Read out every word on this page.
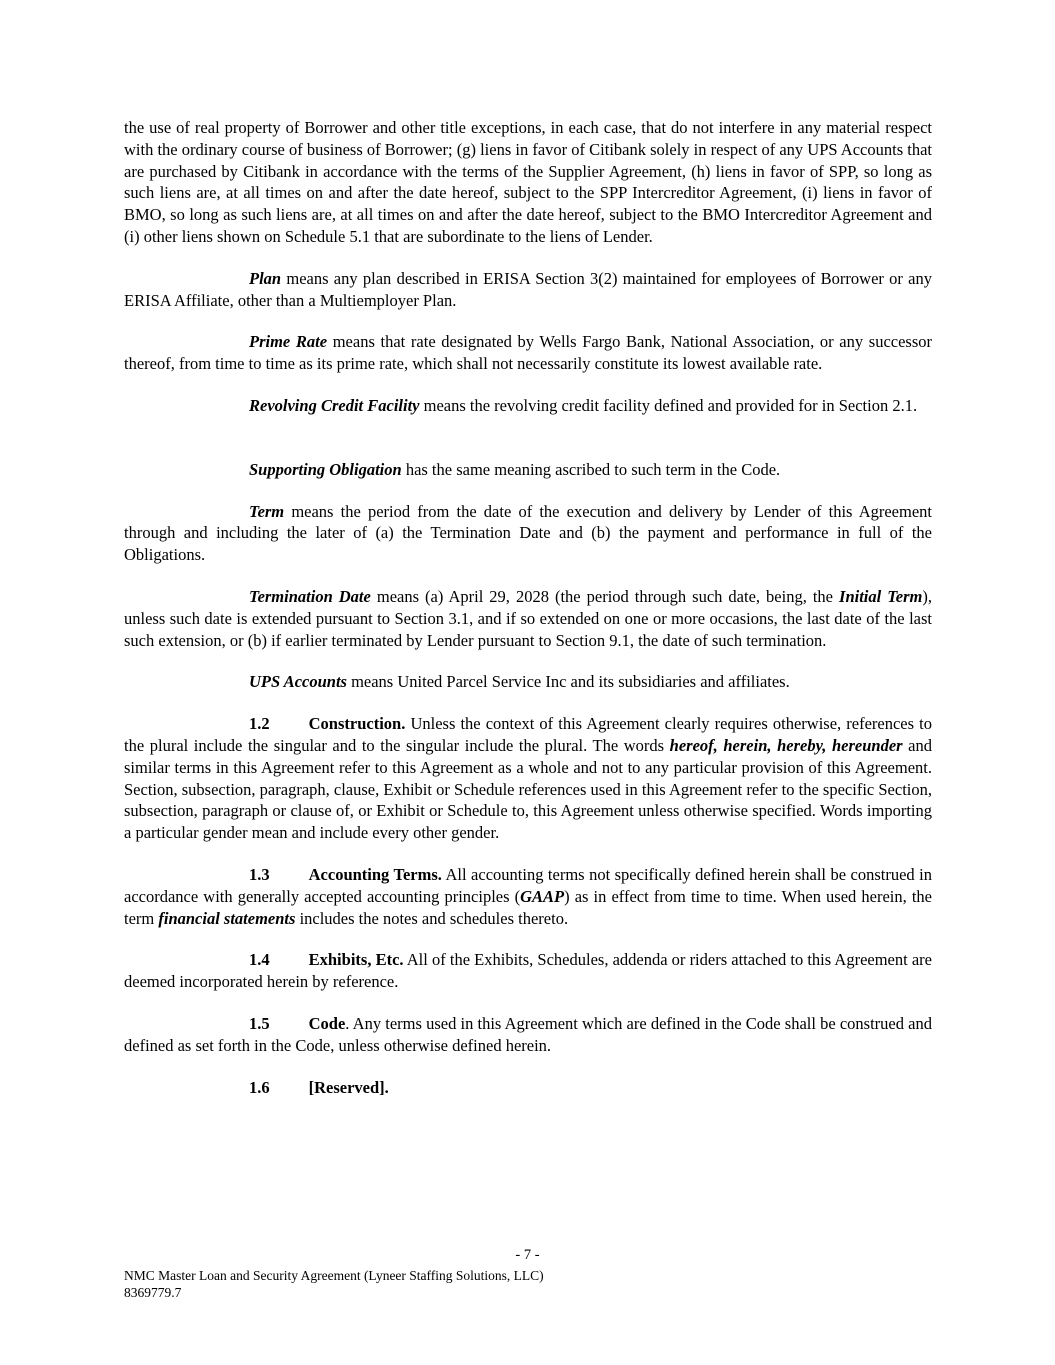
the use of real property of Borrower and other title exceptions, in each case, that do not interfere in any material respect with the ordinary course of business of Borrower; (g) liens in favor of Citibank solely in respect of any UPS Accounts that are purchased by Citibank in accordance with the terms of the Supplier Agreement, (h) liens in favor of SPP, so long as such liens are, at all times on and after the date hereof, subject to the SPP Intercreditor Agreement, (i) liens in favor of BMO, so long as such liens are, at all times on and after the date hereof, subject to the BMO Intercreditor Agreement and (i) other liens shown on Schedule 5.1 that are subordinate to the liens of Lender.

Plan means any plan described in ERISA Section 3(2) maintained for employees of Borrower or any ERISA Affiliate, other than a Multiemployer Plan.

Prime Rate means that rate designated by Wells Fargo Bank, National Association, or any successor thereof, from time to time as its prime rate, which shall not necessarily constitute its lowest available rate.

Revolving Credit Facility means the revolving credit facility defined and provided for in Section 2.1.

Supporting Obligation has the same meaning ascribed to such term in the Code.

Term means the period from the date of the execution and delivery by Lender of this Agreement through and including the later of (a) the Termination Date and (b) the payment and performance in full of the Obligations.

Termination Date means (a) April 29, 2028 (the period through such date, being, the Initial Term), unless such date is extended pursuant to Section 3.1, and if so extended on one or more occasions, the last date of the last such extension, or (b) if earlier terminated by Lender pursuant to Section 9.1, the date of such termination.

UPS Accounts means United Parcel Service Inc and its subsidiaries and affiliates.

1.2 Construction. Unless the context of this Agreement clearly requires otherwise, references to the plural include the singular and to the singular include the plural. The words hereof, herein, hereby, hereunder and similar terms in this Agreement refer to this Agreement as a whole and not to any particular provision of this Agreement. Section, subsection, paragraph, clause, Exhibit or Schedule references used in this Agreement refer to the specific Section, subsection, paragraph or clause of, or Exhibit or Schedule to, this Agreement unless otherwise specified. Words importing a particular gender mean and include every other gender.

1.3 Accounting Terms. All accounting terms not specifically defined herein shall be construed in accordance with generally accepted accounting principles (GAAP) as in effect from time to time. When used herein, the term financial statements includes the notes and schedules thereto.

1.4 Exhibits, Etc. All of the Exhibits, Schedules, addenda or riders attached to this Agreement are deemed incorporated herein by reference.

1.5 Code. Any terms used in this Agreement which are defined in the Code shall be construed and defined as set forth in the Code, unless otherwise defined herein.

1.6 [Reserved].

- 7 -
NMC Master Loan and Security Agreement (Lyneer Staffing Solutions, LLC)
8369779.7
